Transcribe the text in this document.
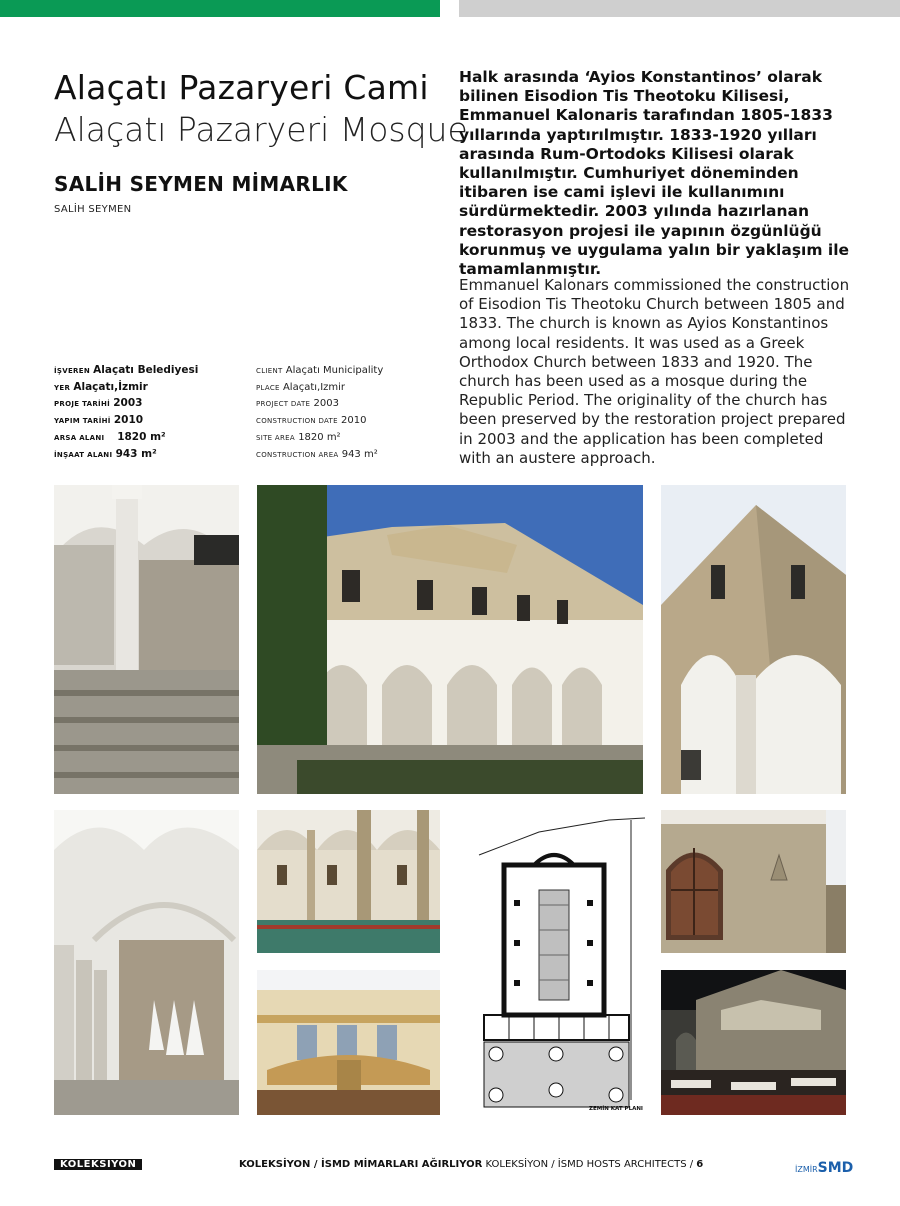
Alaçatı Pazaryeri Cami
Alaçatı Pazaryeri Mosque
SALİH SEYMEN MİMARLIK
SALİH SEYMEN
İŞVEREN Alaçatı Belediyesi
YER Alaçatı,İzmir
PROJE TARİHİ 2003
YAPIM TARİHİ 2010
ARSA ALANI 1820 m²
İNŞAAT ALANI 943 m²
CLIENT Alaçatı Municipality
PLACE Alaçatı,Izmir
PROJECT DATE 2003
CONSTRUCTION DATE 2010
SITE AREA 1820 m²
CONSTRUCTION AREA 943 m²
Halk arasında ‘Ayios Konstantinos’ olarak bilinen Eisodion Tis Theotoku Kilisesi, Emmanuel Kalonaris tarafından 1805-1833 yıllarında yaptırılmıştır. 1833-1920 yılları arasında Rum-Ortodoks Kilisesi olarak kullanılmıştır. Cumhuriyet döneminden itibaren ise cami işlevi ile kullanımını sürdürmektedir. 2003 yılında hazırlanan restorasyon projesi ile yapının özgünlüğü korunmuş ve uygulama yalın bir yaklaşım ile tamamlanmıştır.
Emmanuel Kalonars commissioned the construction of Eisodion Tis Theotoku Church between 1805 and 1833. The church is known as Ayios Konstantinos among local residents. It was used as a Greek Orthodox Church between 1833 and 1920. The church has been used as a mosque during the Republic Period. The originality of the church has been preserved by the restoration project prepared in 2003 and the application has been completed with an austere approach.
ZEMİN KAT PLANI
KOLEKSİYON	KOLEKSİYON / İSMD MİMARLARI AĞIRLIYOR KOLEKSİYON / İSMD HOSTS ARCHITECTS / 6	İZMİRSMD
